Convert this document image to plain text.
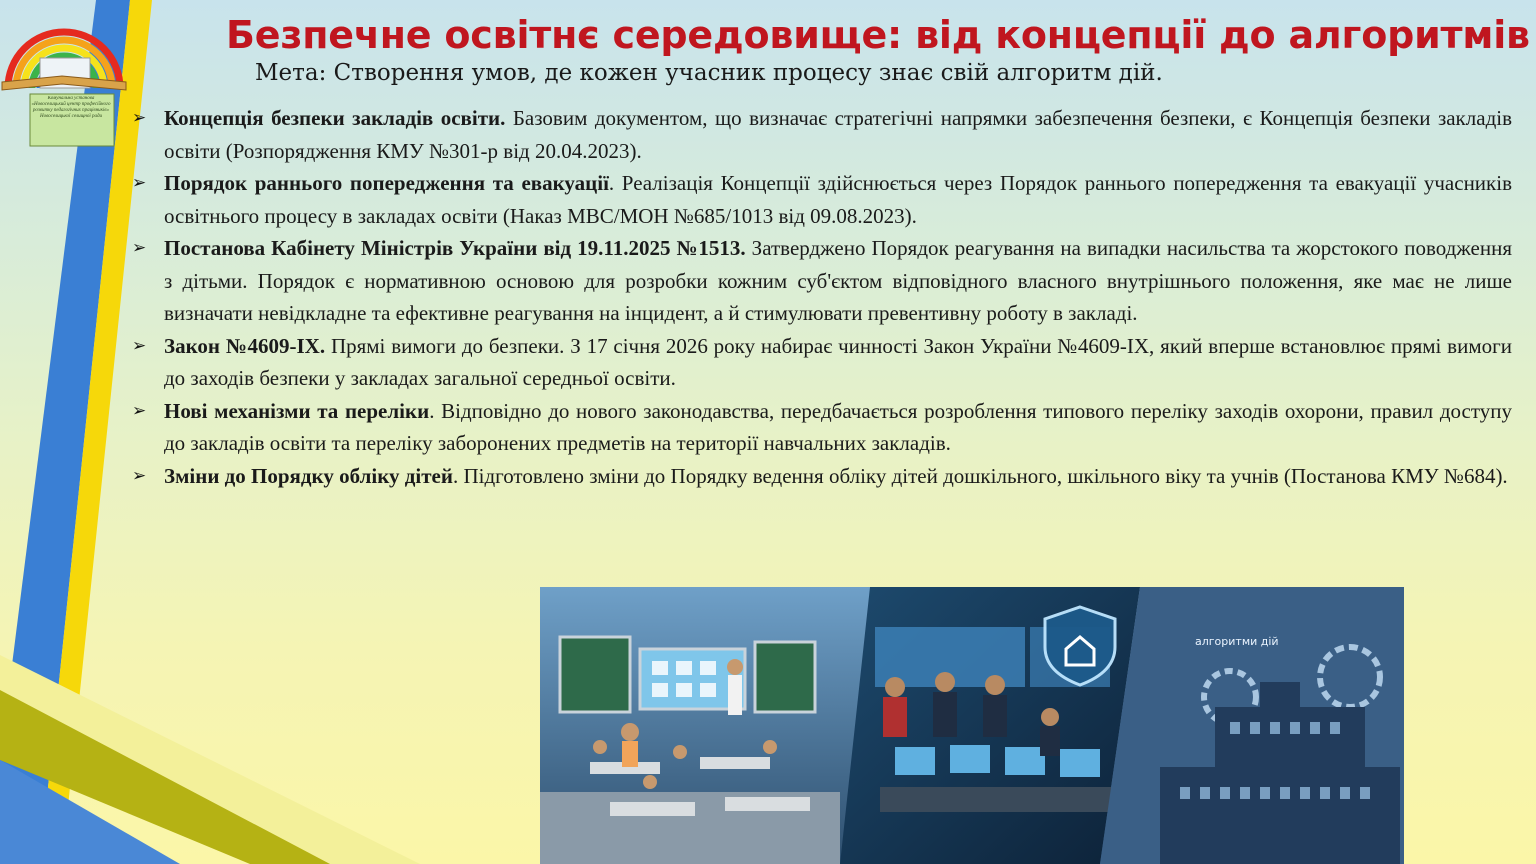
Комунальна установа «Новоселицький центр професійного розвитку педагогічних працівників» Новоселицької селищної ради
Безпечне освітнє середовище: від концепції до алгоритмів

Мета: Створення умов, де кожен учасник процесу знає свій алгоритм дій.

➢ Концепція безпеки закладів освіти. Базовим документом, що визначає стратегічні напрямки забезпечення безпеки, є Концепція безпеки закладів освіти (Розпорядження КМУ №301-р від 20.04.2023).
➢ Порядок раннього попередження та евакуації. Реалізація Концепції здійснюється через Порядок раннього попередження та евакуації учасників освітнього процесу в закладах освіти (Наказ МВС/МОН №685/1013 від 09.08.2023).
➢ Постанова Кабінету Міністрів України від 19.11.2025 №1513. Затверджено Порядок реагування на випадки насильства та жорстокого поводження з дітьми. Порядок є нормативною основою для розробки кожним суб'єктом відповідного власного внутрішнього положення, яке має не лише визначати невідкладне та ефективне реагування на інцидент, а й стимулювати превентивну роботу в закладі.
➢ Закон №4609-IX. Прямі вимоги до безпеки. З 17 січня 2026 року набирає чинності Закон України №4609-IX, який вперше встановлює прямі вимоги до заходів безпеки у закладах загальної середньої освіти.
➢ Нові механізми та переліки. Відповідно до нового законодавства, передбачається розроблення типового переліку заходів охорони, правил доступу до закладів освіти та переліку заборонених предметів на території навчальних закладів.
➢ Зміни до Порядку обліку дітей. Підготовлено зміни до Порядку ведення обліку дітей дошкільного, шкільного віку та учнів (Постанова КМУ №684).
алгоритми дій
